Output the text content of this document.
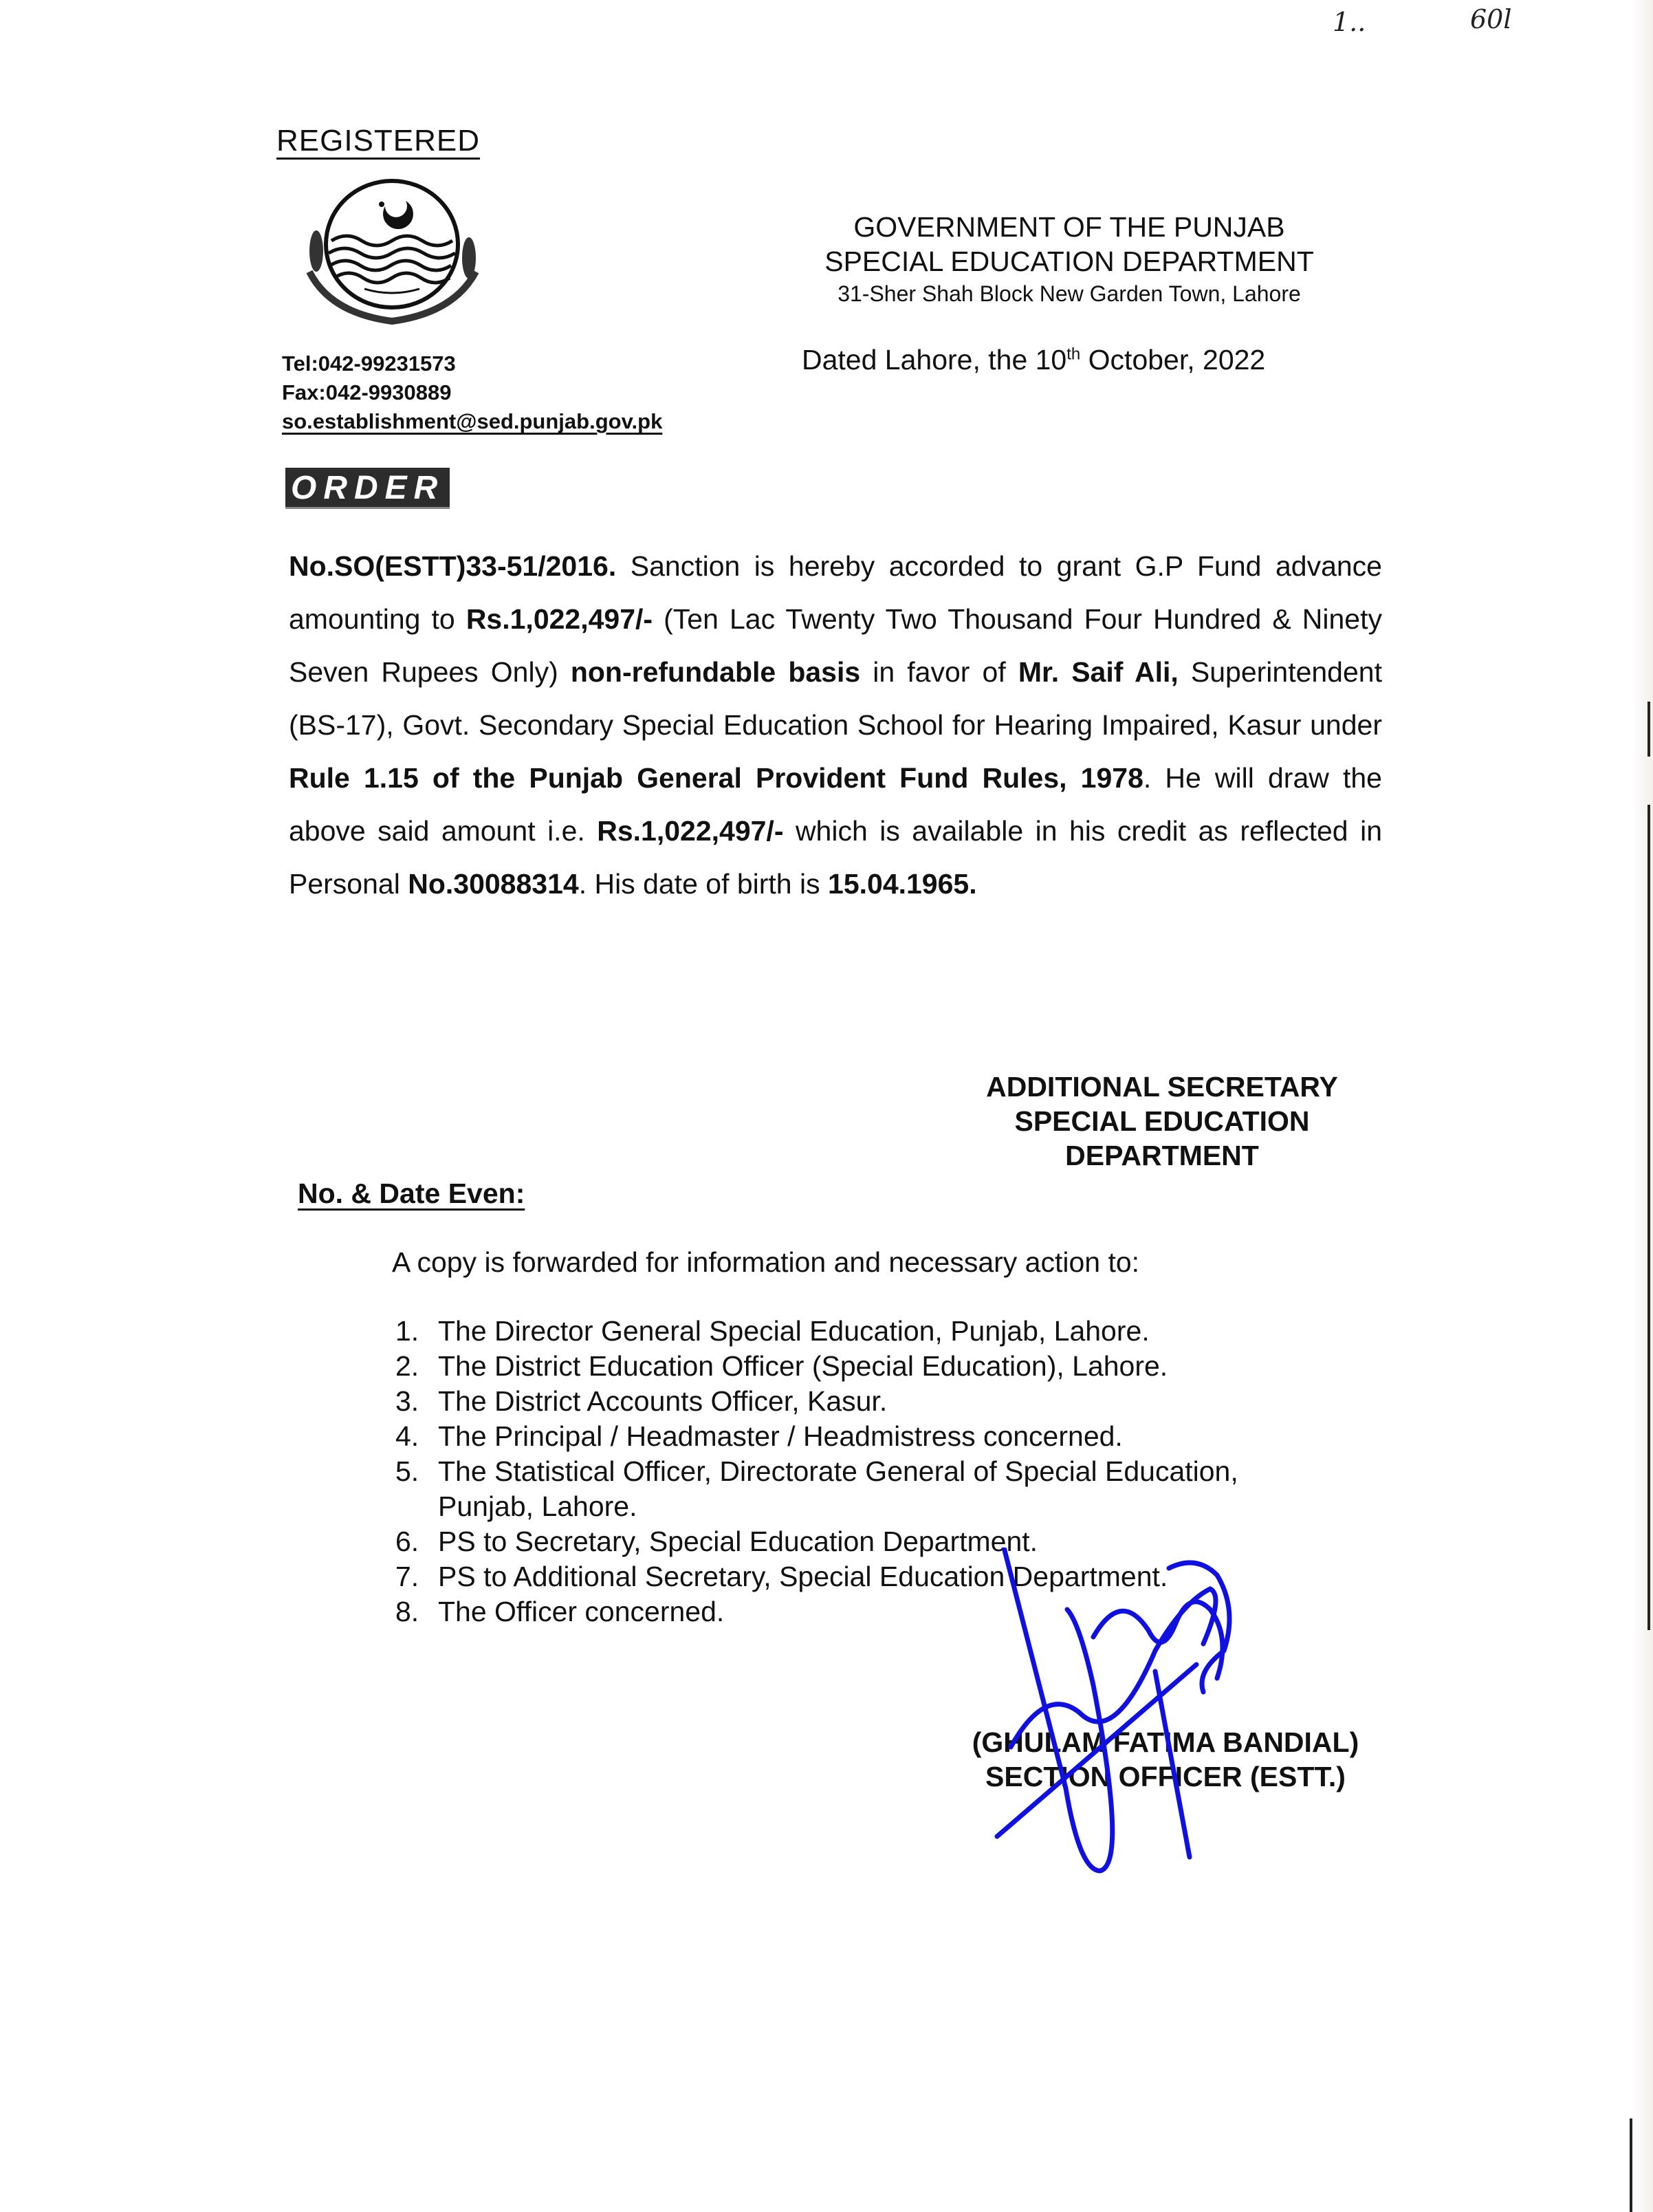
1..	60l
REGISTERED
GOVERNMENT OF THE PUNJAB
SPECIAL EDUCATION DEPARTMENT
31-Sher Shah Block New Garden Town, Lahore
Tel:042-99231573
Fax:042-9930889
so.establishment@sed.punjab.gov.pk
Dated Lahore, the 10th October, 2022
ORDER
No.SO(ESTT)33-51/2016. Sanction is hereby accorded to grant G.P Fund advance amounting to Rs.1,022,497/- (Ten Lac Twenty Two Thousand Four Hundred & Ninety Seven Rupees Only) non-refundable basis in favor of Mr. Saif Ali, Superintendent (BS-17), Govt. Secondary Special Education School for Hearing Impaired, Kasur under Rule 1.15 of the Punjab General Provident Fund Rules, 1978. He will draw the above said amount i.e. Rs.1,022,497/- which is available in his credit as reflected in Personal No.30088314. His date of birth is 15.04.1965.
ADDITIONAL SECRETARY
SPECIAL EDUCATION
DEPARTMENT
No. & Date Even:
A copy is forwarded for information and necessary action to:
1. The Director General Special Education, Punjab, Lahore.
2. The District Education Officer (Special Education), Lahore.
3. The District Accounts Officer, Kasur.
4. The Principal / Headmaster / Headmistress concerned.
5. The Statistical Officer, Directorate General of Special Education, Punjab, Lahore.
6. PS to Secretary, Special Education Department.
7. PS to Additional Secretary, Special Education Department.
8. The Officer concerned.
(GHULAM FATIMA BANDIAL)
SECTION OFFICER (ESTT.)
